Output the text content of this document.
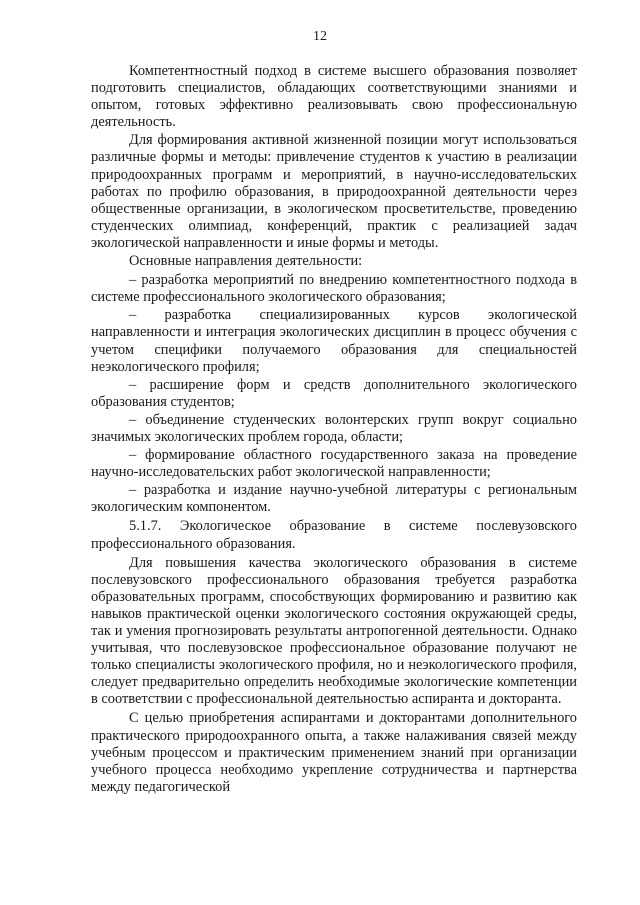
12

Компетентностный подход в системе высшего образования позволяет подготовить специалистов, обладающих соответствующими знаниями и опытом, готовых эффективно реализовывать свою профессиональную деятельность.

Для формирования активной жизненной позиции могут использоваться различные формы и методы: привлечение студентов к участию в реализации природоохранных программ и мероприятий, в научно-исследовательских работах по профилю образования, в природоохранной деятельности через общественные организации, в экологическом просветительстве, проведению студенческих олимпиад, конференций, практик с реализацией задач экологической направленности и иные формы и методы.

Основные направления деятельности:

– разработка мероприятий по внедрению компетентностного подхода в системе профессионального экологического образования;

– разработка специализированных курсов экологической направленности и интеграция экологических дисциплин в процесс обучения с учетом специфики получаемого образования для специальностей неэкологического профиля;

– расширение форм и средств дополнительного экологического образования студентов;

– объединение студенческих волонтерских групп вокруг социально значимых экологических проблем города, области;

– формирование областного государственного заказа на проведение научно-исследовательских работ экологической направленности;

– разработка и издание научно-учебной литературы с региональным экологическим компонентом.

5.1.7. Экологическое образование в системе послевузовского профессионального образования.

Для повышения качества экологического образования в системе послевузовского профессионального образования требуется разработка образовательных программ, способствующих формированию и развитию как навыков практической оценки экологического состояния окружающей среды, так и умения прогнозировать результаты антропогенной деятельности. Однако учитывая, что послевузовское профессиональное образование получают не только специалисты экологического профиля, но и неэкологического профиля, следует предварительно определить необходимые экологические компетенции в соответствии с профессиональной деятельностью аспиранта и докторанта.

С целью приобретения аспирантами и докторантами дополнительного практического природоохранного опыта, а также налаживания связей между учебным процессом и практическим применением знаний при организации учебного процесса необходимо укрепление сотрудничества и партнерства между педагогической
